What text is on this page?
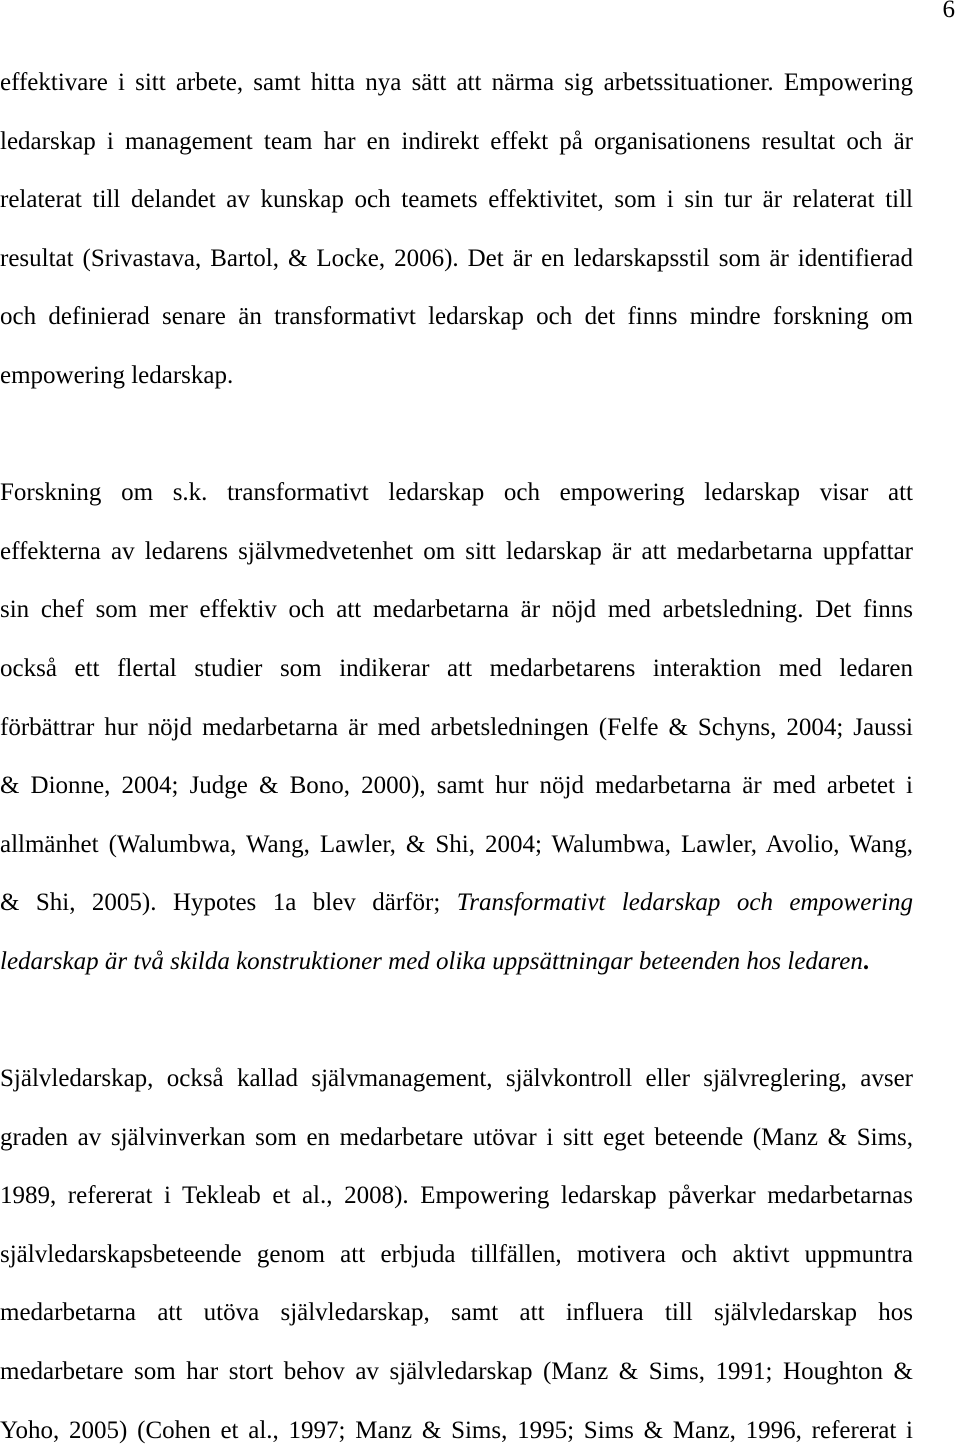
6
effektivare i sitt arbete, samt hitta nya sätt att närma sig arbetssituationer. Empowering
ledarskap i management team har en indirekt effekt på organisationens resultat och är
relaterat till delandet av kunskap och teamets effektivitet, som i sin tur är relaterat till
resultat (Srivastava, Bartol, & Locke, 2006). Det är en ledarskapsstil som är identifierad
och definierad senare än transformativt ledarskap och det finns mindre forskning om
empowering ledarskap.
Forskning om s.k. transformativt ledarskap och empowering ledarskap visar att
effekterna av ledarens självmedvetenhet om sitt ledarskap är att medarbetarna uppfattar
sin chef som mer effektiv och att medarbetarna är nöjd med arbetsledning. Det finns
också ett flertal studier som indikerar att medarbetarens interaktion med ledaren
förbättrar hur nöjd medarbetarna är med arbetsledningen (Felfe & Schyns, 2004; Jaussi
& Dionne, 2004; Judge & Bono, 2000), samt hur nöjd medarbetarna är med arbetet i
allmänhet (Walumbwa, Wang, Lawler, & Shi, 2004; Walumbwa, Lawler, Avolio, Wang,
& Shi, 2005). Hypotes 1a blev därför; Transformativt ledarskap och empowering
ledarskap är två skilda konstruktioner med olika uppsättningar beteenden hos ledaren.
Självledarskap, också kallad självmanagement, självkontroll eller självreglering, avser
graden av självinverkan som en medarbetare utövar i sitt eget beteende (Manz & Sims,
1989, refererat i Tekleab et al., 2008). Empowering ledarskap påverkar medarbetarnas
självledarskapsbeteende genom att erbjuda tillfällen, motivera och aktivt uppmuntra
medarbetarna att utöva självledarskap, samt att influera till självledarskap hos
medarbetare som har stort behov av självledarskap (Manz & Sims, 1991; Houghton &
Yoho, 2005) (Cohen et al., 1997; Manz & Sims, 1995; Sims & Manz, 1996, refererat i
